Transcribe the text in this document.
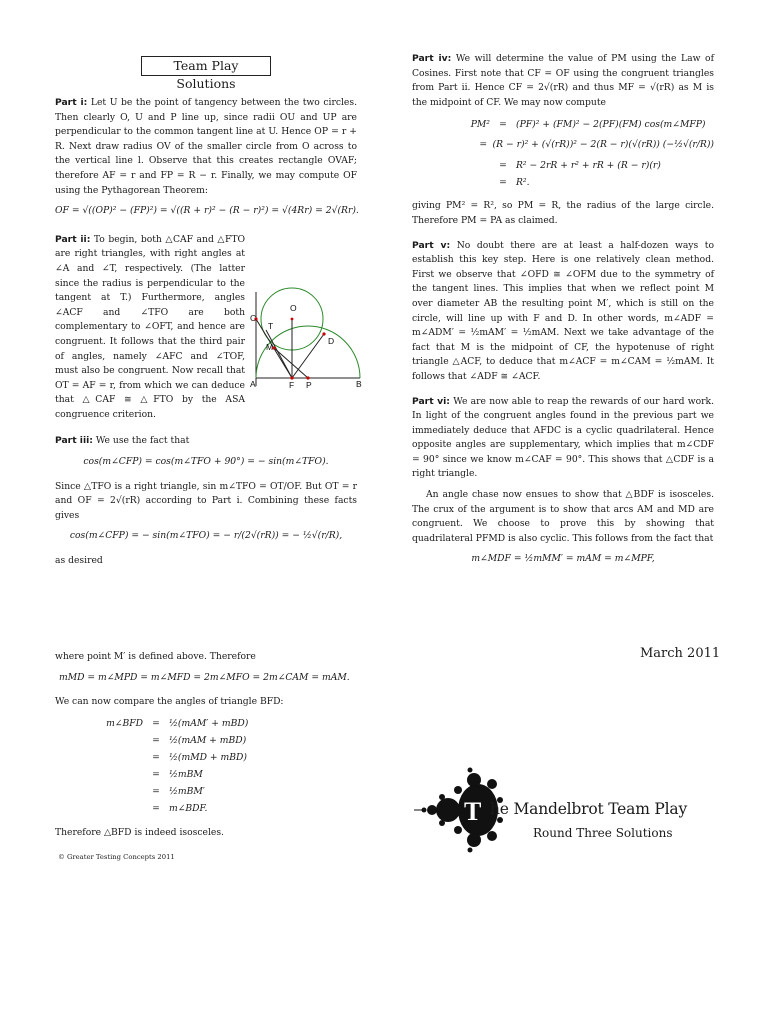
Team Play Solutions

Part i: Let U be the point of tangency between the two circles. Then clearly O, U and P line up, since radii OU and UP are perpendicular to the common tangent line at U. Hence OP = r + R. Next draw radius OV of the smaller circle from O across to the vertical line l. Observe that this creates rectangle OVAF; therefore AF = r and FP = R − r. Finally, we may compute OF using the Pythagorean Theorem:

OF = √((OP)² − (FP)²) = √((R + r)² − (R − r)²) = √(4Rr) = 2√(Rr).

Part ii: To begin, both △CAF and △FTO are right triangles, with right angles at ∠A and ∠T, respectively. (The latter since the radius is perpendicular to the tangent at T.) Furthermore, angles ∠ACF and ∠TFO are both complementary to ∠OFT, and hence are congruent. It follows that the third pair of angles, namely ∠AFC and ∠TOF, must also be congruent. Now recall that OT = AF = r, from which we can deduce that △CAF ≅ △FTO by the ASA congruence criterion.

Part iii: We use the fact that

cos(m∠CFP) = cos(m∠TFO + 90°) = − sin(m∠TFO).

Since △TFO is a right triangle, sin m∠TFO = OT/OF. But OT = r and OF = 2√(rR) according to Part i. Combining these facts gives

cos(m∠CFP) = − sin(m∠TFO) = − r/(2√(rR)) = − ½√(r/R),

as desired

O
C
T
M
D
A	F P	B

Part iv: We will determine the value of PM using the Law of Cosines. First note that CF = OF using the congruent triangles from Part ii. Hence CF = 2√(rR) and thus MF = √(rR) as M is the midpoint of CF. We may now compute

PM² = (PF)² + (FM)² − 2(PF)(FM) cos(m∠MFP)
= (R − r)² + (√(rR))² − 2(R − r)(√(rR)) (−½√(r/R))
= R² − 2rR + r² + rR + (R − r)(r)
= R².

giving PM² = R², so PM = R, the radius of the large circle. Therefore PM = PA as claimed.

Part v: No doubt there are at least a half-dozen ways to establish this key step. Here is one relatively clean method. First we observe that ∠OFD ≅ ∠OFM due to the symmetry of the tangent lines. This implies that when we reflect point M over diameter AB the resulting point M′, which is still on the circle, will line up with F and D. In other words, m∠ADF = m∠ADM′ = ½mAM′ = ½mAM. Next we take advantage of the fact that M is the midpoint of CF, the hypotenuse of right triangle △ACF, to deduce that m∠ACF = m∠CAM = ½mAM. It follows that ∠ADF ≅ ∠ACF.

Part vi: We are now able to reap the rewards of our hard work. In light of the congruent angles found in the previous part we immediately deduce that AFDC is a cyclic quadrilateral. Hence opposite angles are supplementary, which implies that m∠CDF = 90° since we know m∠CAF = 90°. This shows that △CDF is a right triangle.

An angle chase now ensues to show that △BDF is isosceles. The crux of the argument is to show that arcs AM and MD are congruent. We choose to prove this by showing that quadrilateral PFMD is also cyclic. This follows from the fact that

m∠MDF = ½mMM′ = mAM = m∠MPF,

where point M′ is defined above. Therefore

mMD = m∠MPD = m∠MFD = 2m∠MFO = 2m∠CAM = mAM.

We can now compare the angles of triangle BFD:

m∠BFD = ½(mAM′ + mBD)
= ½(mAM + mBD)
= ½(mMD + mBD)
= ½mBM
= ½mBM′
= m∠BDF.

Therefore △BFD is indeed isosceles.

© Greater Testing Concepts 2011
March 2011
T he Mandelbrot Team Play
Round Three Solutions
